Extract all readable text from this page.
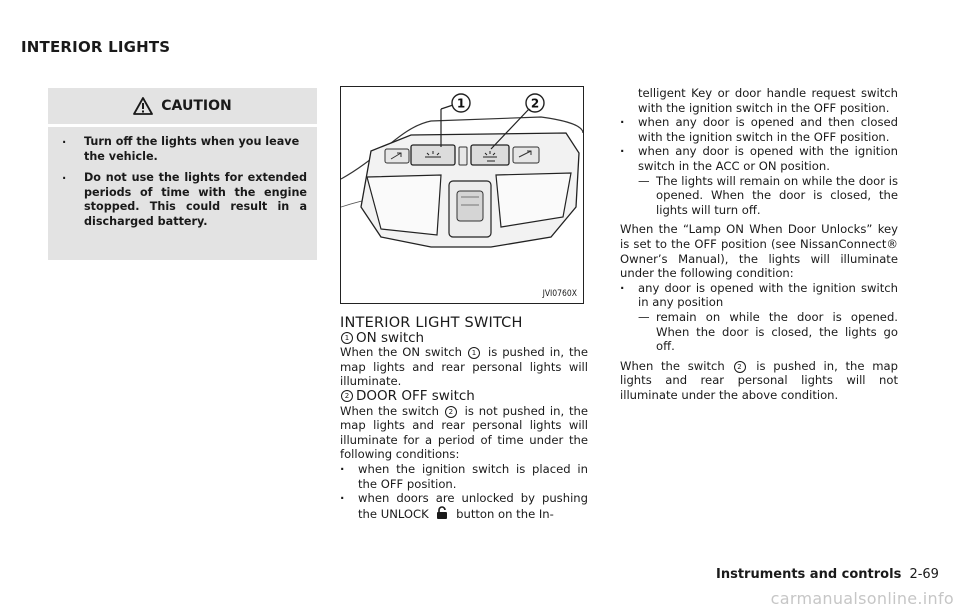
INTERIOR LIGHTS
CAUTION
. Turn off the lights when you leave the vehicle.
. Do not use the lights for extended periods of time with the engine stopped. This could result in a discharged battery.
1	2
JVI0760X

INTERIOR LIGHT SWITCH

1 ON switch

When the ON switch 1 is pushed in, the map lights and rear personal lights will illuminate.

2 DOOR OFF switch

When the switch 2 is not pushed in, the map lights and rear personal lights will illuminate for a period of time under the following conditions:

. when the ignition switch is placed in the OFF position.

. when doors are unlocked by pushing the UNLOCK button on the In-

telligent Key or door handle request switch with the ignition switch in the OFF position.

. when any door is opened and then closed with the ignition switch in the OFF position.

. when any door is opened with the ignition switch in the ACC or ON position.

— The lights will remain on while the door is opened. When the door is closed, the lights will turn off.

When the “Lamp ON When Door Unlocks” key is set to the OFF position (see NissanConnect® Owner’s Manual), the lights will illuminate under the following condition:

. any door is opened with the ignition switch in any position

— remain on while the door is opened. When the door is closed, the lights go off.

When the switch 2 is pushed in, the map lights and rear personal lights will not illuminate under the above condition.

Instruments and controls 2-69
carmanualsonline.info
